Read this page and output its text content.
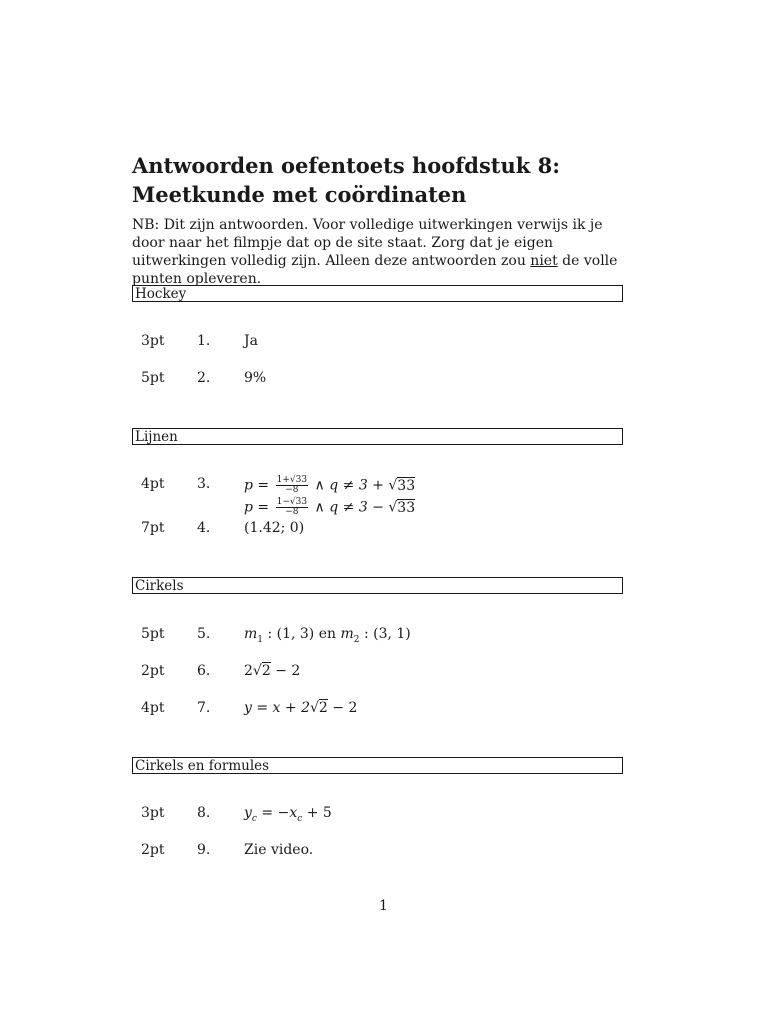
Antwoorden oefentoets hoofdstuk 8: Meetkunde met coördinaten
NB: Dit zijn antwoorden. Voor volledige uitwerkingen verwijs ik je door naar het filmpje dat op de site staat. Zorg dat je eigen uitwerkingen volledig zijn. Alleen deze antwoorden zou niet de volle punten opleveren.
Hockey
3pt 1. Ja
5pt 2. 9%
Lijnen
4pt 3. $p = \frac{1+√33}{-8}$ ∧ q ≠ 3 + √33
$p = \frac{1-√33}{-8}$ ∧ q ≠ 3 − √33
7pt 4. (1.42; 0)
Cirkels
5pt 5. $m_1$ : (1, 3) en $m_2$ : (3, 1)
2pt 6. 2√2 − 2
4pt 7. y = x + 2√2 − 2
Cirkels en formules
3pt 8. $y_c = -x_c + 5$
2pt 9. Zie video.
1
